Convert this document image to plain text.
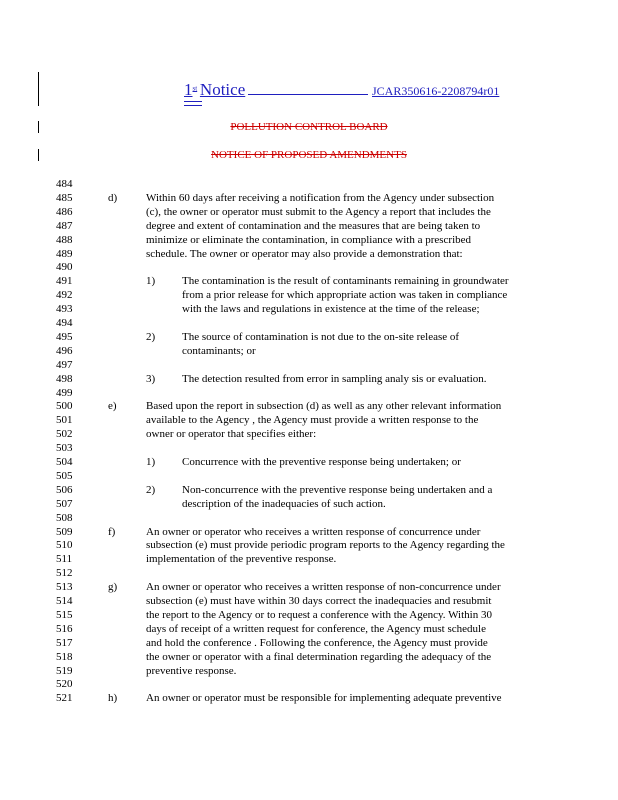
1st Notice	JCAR350616-2208794r01
POLLUTION CONTROL BOARD
NOTICE OF PROPOSED AMENDMENTS
484
485	d)	Within 60 days after receiving a notification from the Agency under subsection
486	(c), the owner or operator must submit to the Agency a report that includes the
487	degree and extent of contamination and the measures that are being taken to
488	minimize or eliminate the contamination, in compliance with a prescribed
489	schedule. The owner or operator may also provide a demonstration that:
490
491	1) The contamination is the result of contaminants remaining in groundwater
492	from a prior release for which appropriate action was taken in compliance
493	with the laws and regulations in existence at the time of the release;
494
495	2) The source of contamination is not due to the on-site release of
496	contaminants; or
497
498	3) The detection resulted from error in sampling analy sis or evaluation.
499
500	e)	Based upon the report in subsection (d) as well as any other relevant information
501	available to the Agency , the Agency must provide a written response to the
502	owner or operator that specifies either:
503
504	1) Concurrence with the preventive response being undertaken; or
505
506	2) Non-concurrence with the preventive response being undertaken and a
507	description of the inadequacies of such action.
508
509	f)	An owner or operator who receives a written response of concurrence under
510	subsection (e) must provide periodic program reports to the Agency regarding the
511	implementation of the preventive response.
512
513	g)	An owner or operator who receives a written response of non-concurrence under
514	subsection (e) must have within 30 days correct the inadequacies and resubmit
515	the report to the Agency or to request a conference with the Agency. Within 30
516	days of receipt of a written request for conference, the Agency must schedule
517	and hold the conference . Following the conference, the Agency must provide
518	the owner or operator with a final determination regarding the adequacy of the
519	preventive response.
520
521	h)	An owner or operator must be responsible for implementing adequate preventive
